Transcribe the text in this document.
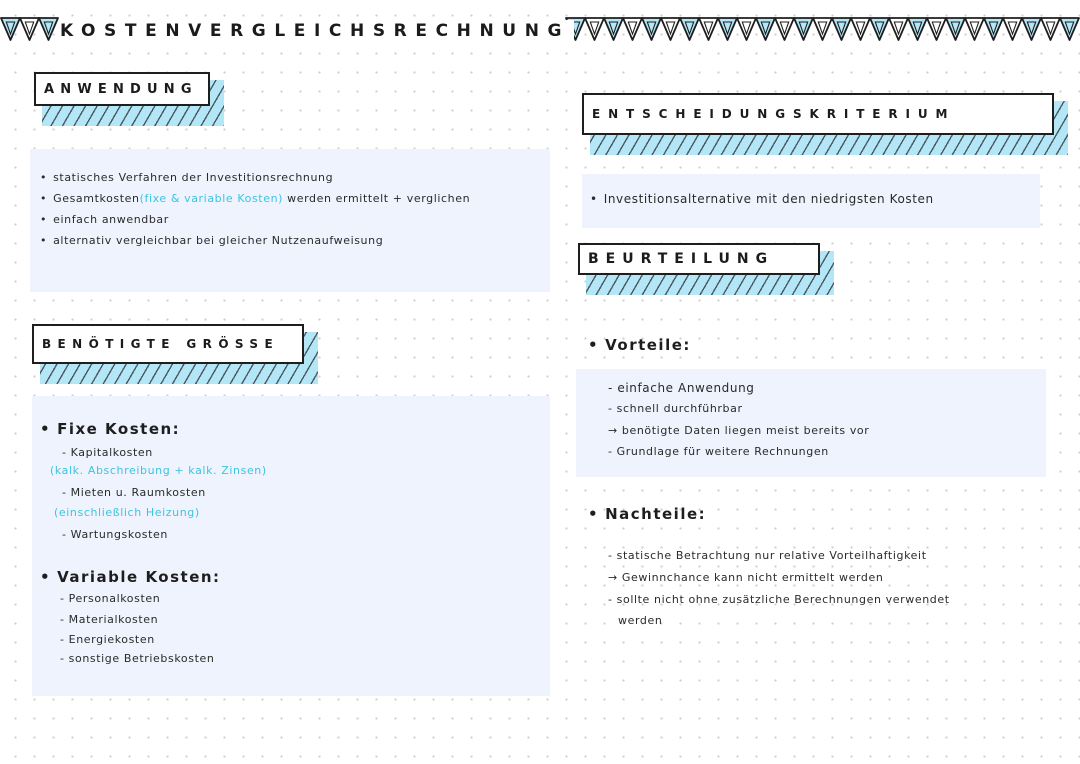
KOSTENVERGLEICHSRECHNUNG
ANWENDUNG
• statisches Verfahren der Investitionsrechnung
• Gesamtkosten(fixe & variable Kosten) werden ermittelt + verglichen
• einfach anwendbar
• alternativ vergleichbar bei gleicher Nutzenaufweisung
BENÖTIGTE GRÖSSE
• Fixe Kosten:
- Kapitalkosten
(kalk. Abschreibung + kalk. Zinsen)
- Mieten u. Raumkosten
(einschließlich Heizung)
- Wartungskosten
• Variable Kosten:
- Personalkosten
- Materialkosten
- Energiekosten
- sonstige Betriebskosten
ENTSCHEIDUNGSKRITERIUM
• Investitionsalternative mit den niedrigsten Kosten
BEURTEILUNG
• Vorteile:
- einfache Anwendung
- schnell durchführbar
→ benötigte Daten liegen meist bereits vor
- Grundlage für weitere Rechnungen
• Nachteile:
- statische Betrachtung nur relative Vorteilhaftigkeit
→ Gewinnchance kann nicht ermittelt werden
- sollte nicht ohne zusätzliche Berechnungen verwendet
werden
